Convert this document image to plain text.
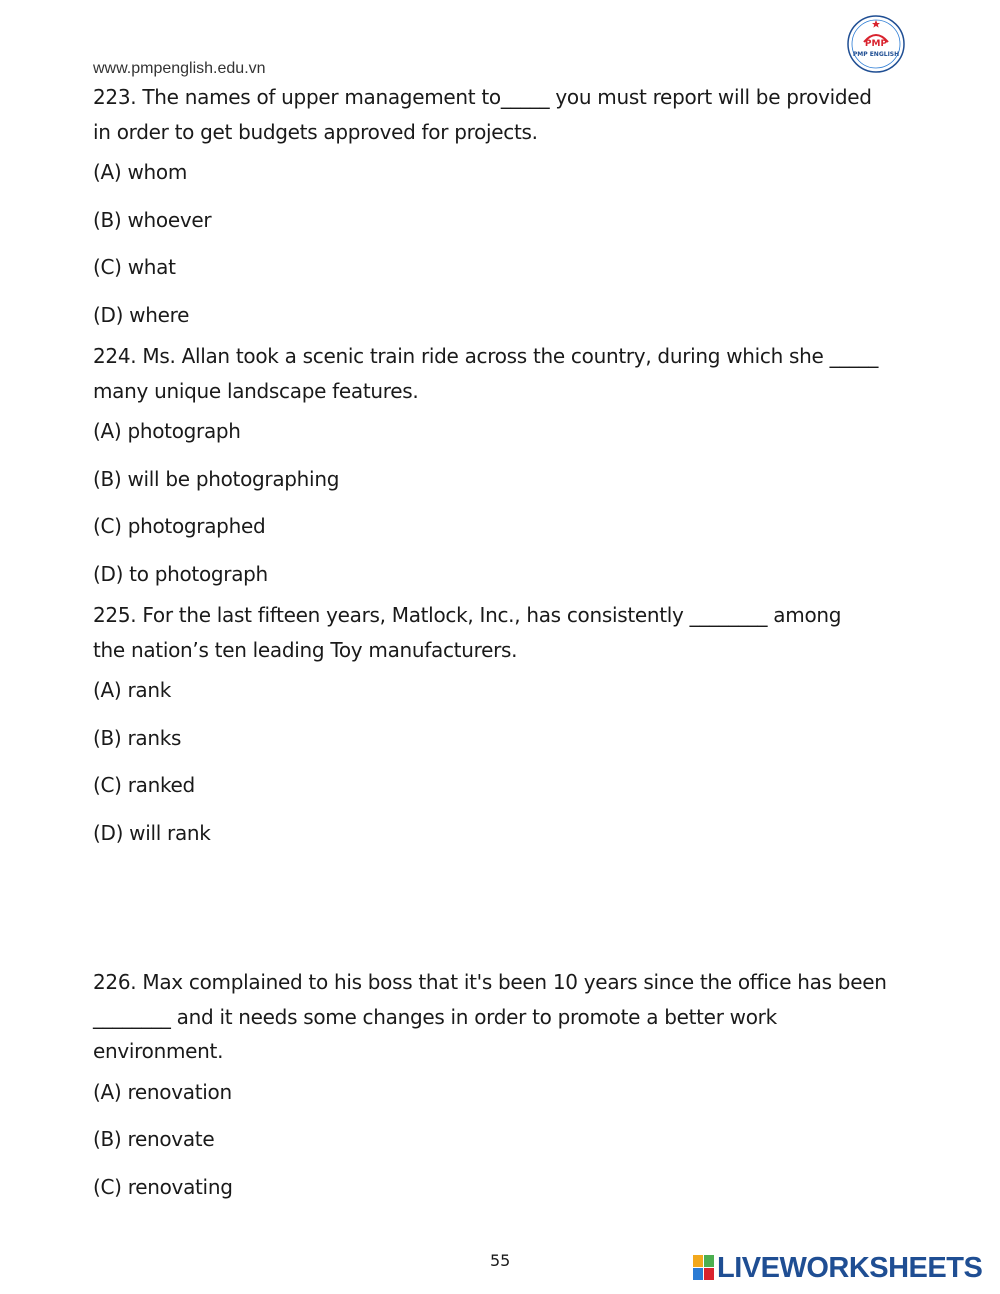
www.pmpenglish.edu.vn
PMP
PMP ENGLISH
223. The names of upper management to_____ you must report will be provided
in order to get budgets approved for projects.
(A) whom
(B) whoever
(C) what
(D) where
224. Ms. Allan took a scenic train ride across the country, during which she _____
many unique landscape features.
(A) photograph
(B) will be photographing
(C) photographed
(D) to photograph
225. For the last fifteen years, Matlock, Inc., has consistently ________ among
the nation’s ten leading Toy manufacturers.
(A) rank
(B) ranks
(C) ranked
(D) will rank
226. Max complained to his boss that it's been 10 years since the office has been
________ and it needs some changes in order to promote a better work
environment.
(A) renovation
(B) renovate
(C) renovating
55	LIVEWORKSHEETS
